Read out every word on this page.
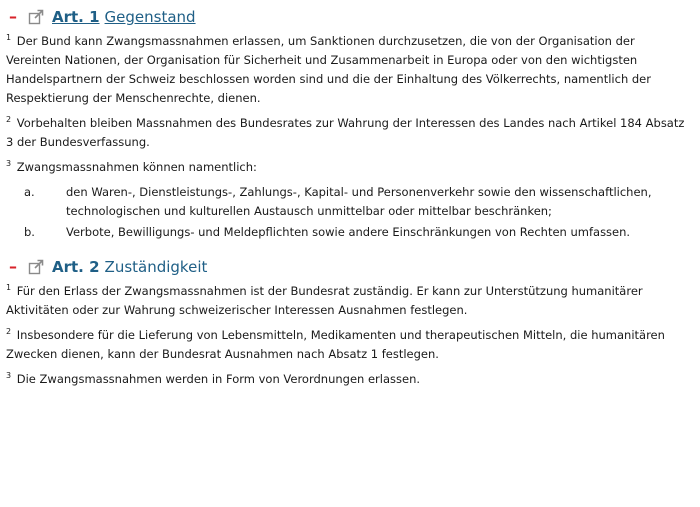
– Art. 1 Gegenstand

$^1$ Der Bund kann Zwangsmassnahmen erlassen, um Sanktionen durchzusetzen, die von der Organisation der Vereinten Nationen, der Organisation für Sicherheit und Zusammenarbeit in Europa oder von den wichtigsten Handelspartnern der Schweiz beschlossen worden sind und die der Einhaltung des Völkerrechts, namentlich der Respektierung der Menschenrechte, dienen.

$^2$ Vorbehalten bleiben Massnahmen des Bundesrates zur Wahrung der Interessen des Landes nach Artikel 184 Absatz 3 der Bundesverfassung.

$^3$ Zwangsmassnahmen können namentlich:

a.	den Waren-, Dienstleistungs-, Zahlungs-, Kapital- und Personenverkehr sowie den wissenschaftlichen, technologischen und kulturellen Austausch unmittelbar oder mittelbar beschränken;
b.	Verbote, Bewilligungs- und Meldepflichten sowie andere Einschränkungen von Rechten umfassen.
– Art. 2 Zuständigkeit

$^1$ Für den Erlass der Zwangsmassnahmen ist der Bundesrat zuständig. Er kann zur Unterstützung humanitärer Aktivitäten oder zur Wahrung schweizerischer Interessen Ausnahmen festlegen.

$^2$ Insbesondere für die Lieferung von Lebensmitteln, Medikamenten und therapeutischen Mitteln, die humanitären Zwecken dienen, kann der Bundesrat Ausnahmen nach Absatz 1 festlegen.

$^3$ Die Zwangsmassnahmen werden in Form von Verordnungen erlassen.
